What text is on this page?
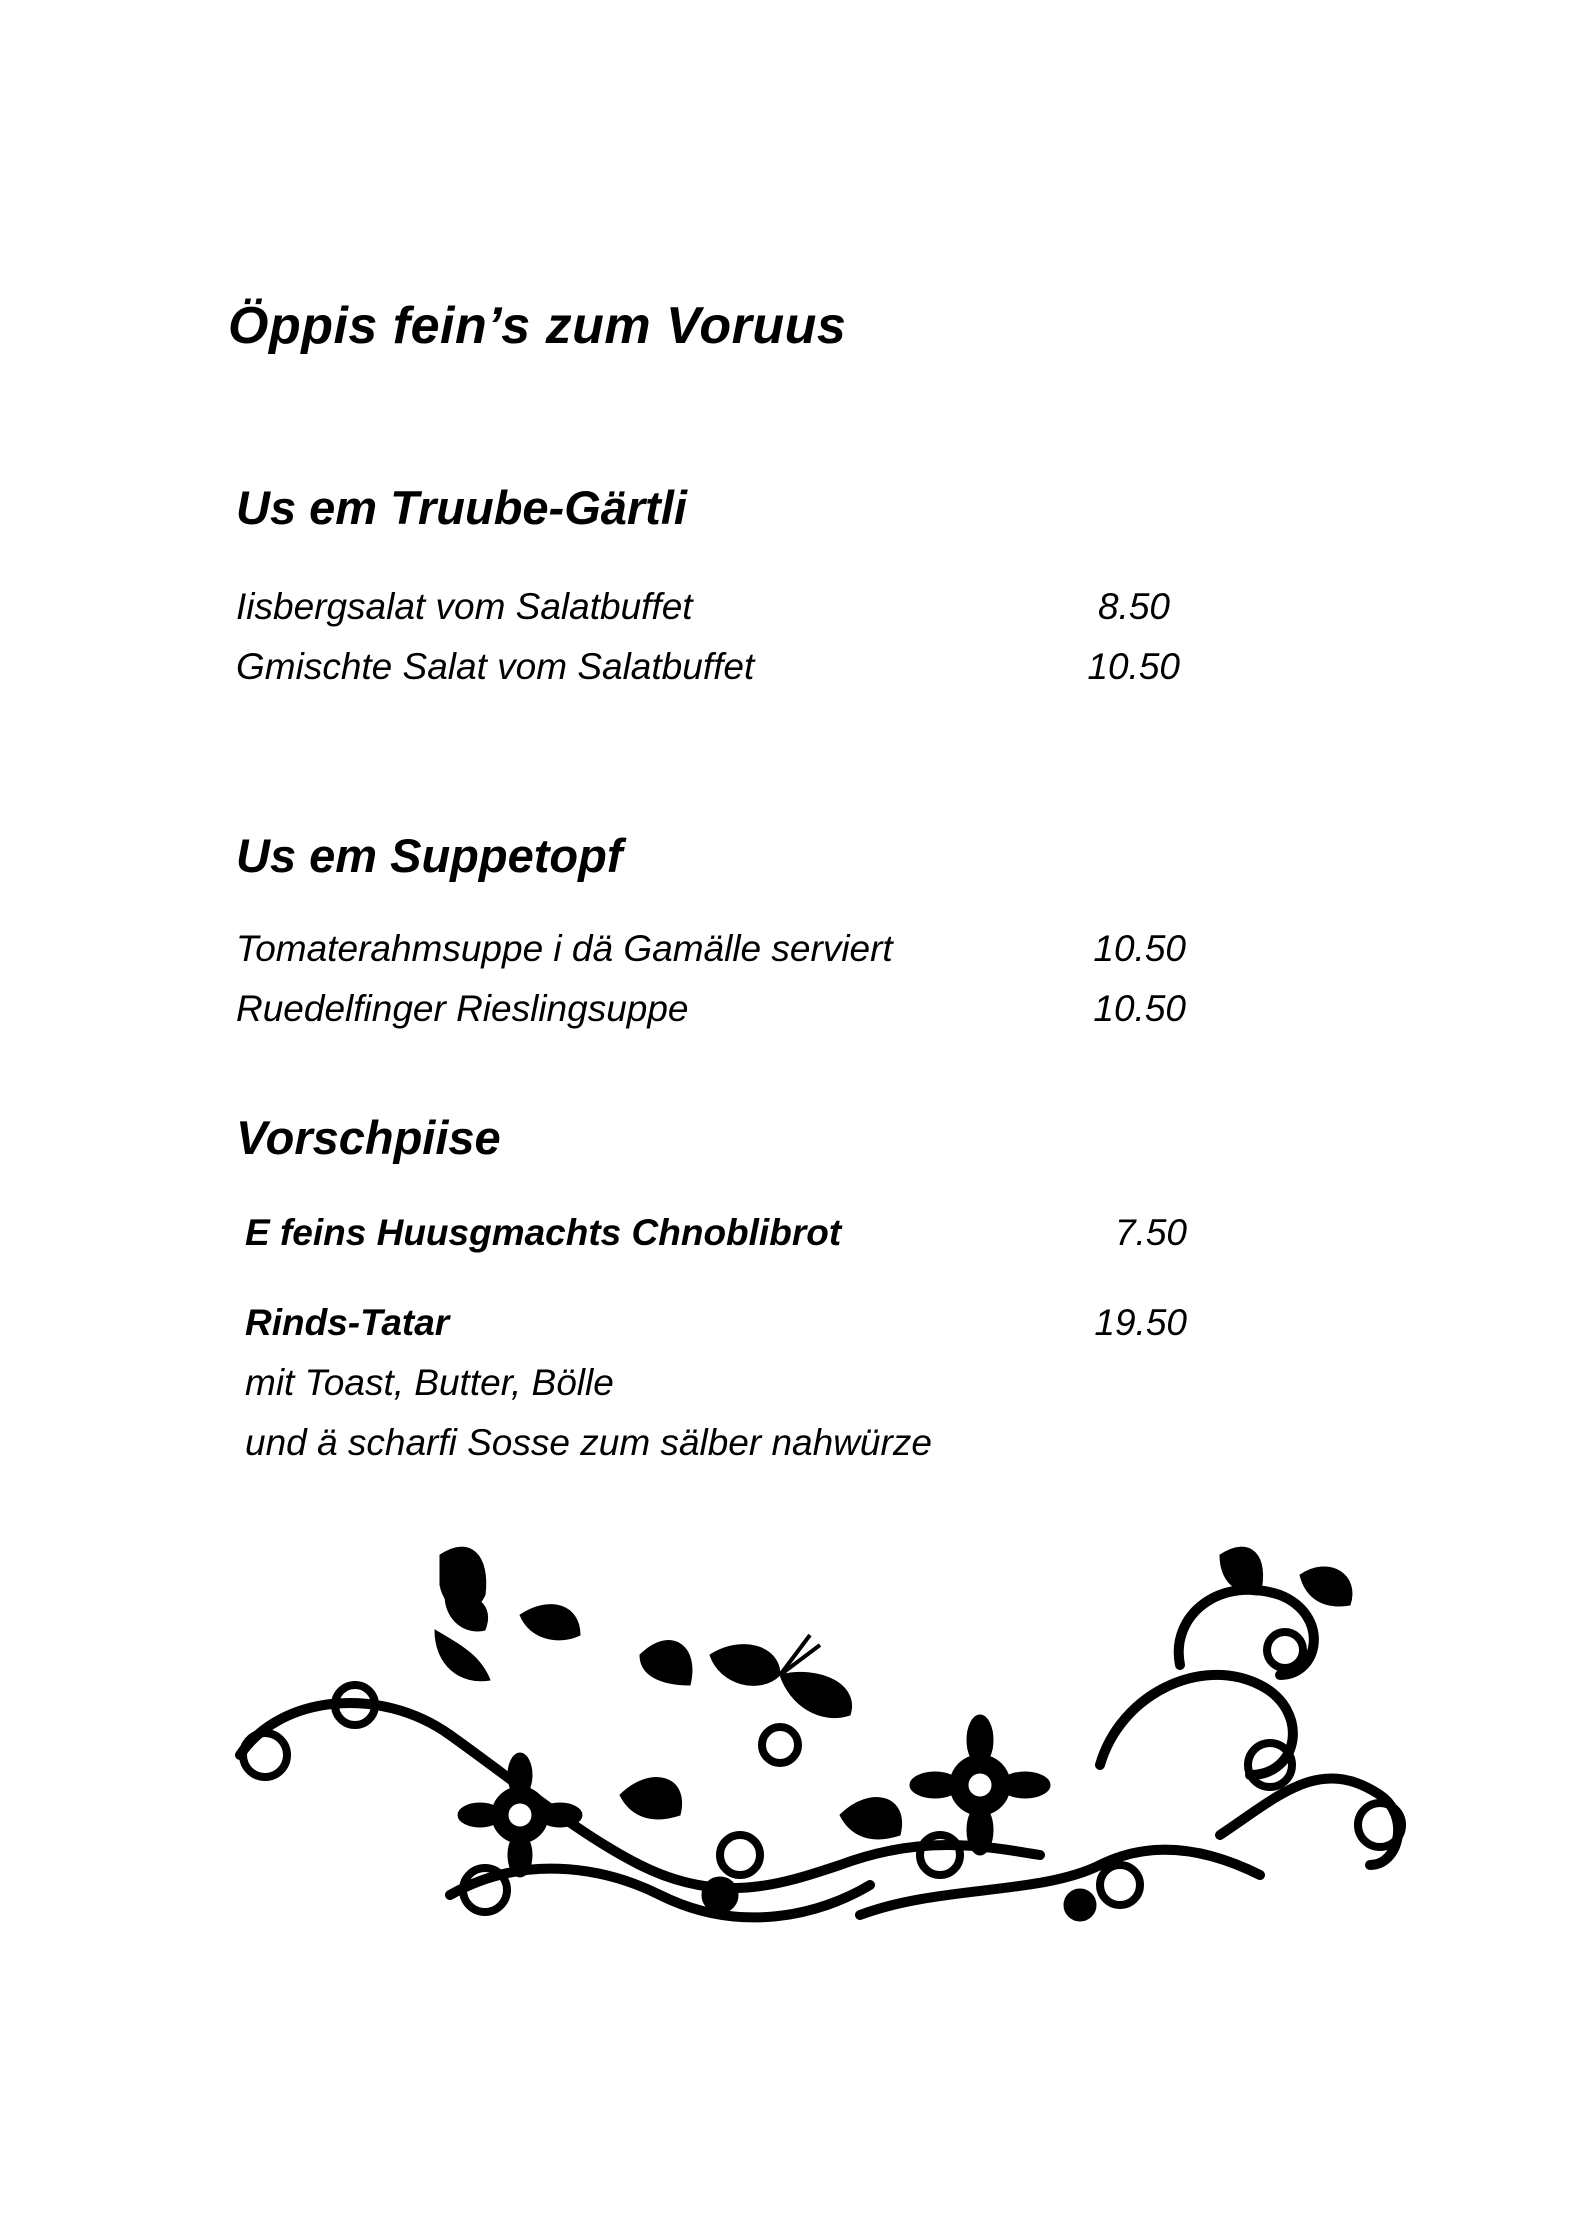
Öppis fein’s zum Voruus
Us em Truube-Gärtli
Iisbergsalat vom Salatbuffet	8.50
Gmischte Salat vom Salatbuffet	10.50
Us em Suppetopf
Tomaterahmsuppe i dä Gamälle serviert	10.50
Ruedelfinger Rieslingsuppe	10.50
Vorschpiise
E feins Huusgmachts Chnoblibrot	7.50
Rinds-Tatar	19.50
mit Toast, Butter, Bölle
und ä scharfi Sosse zum sälber nahwürze
